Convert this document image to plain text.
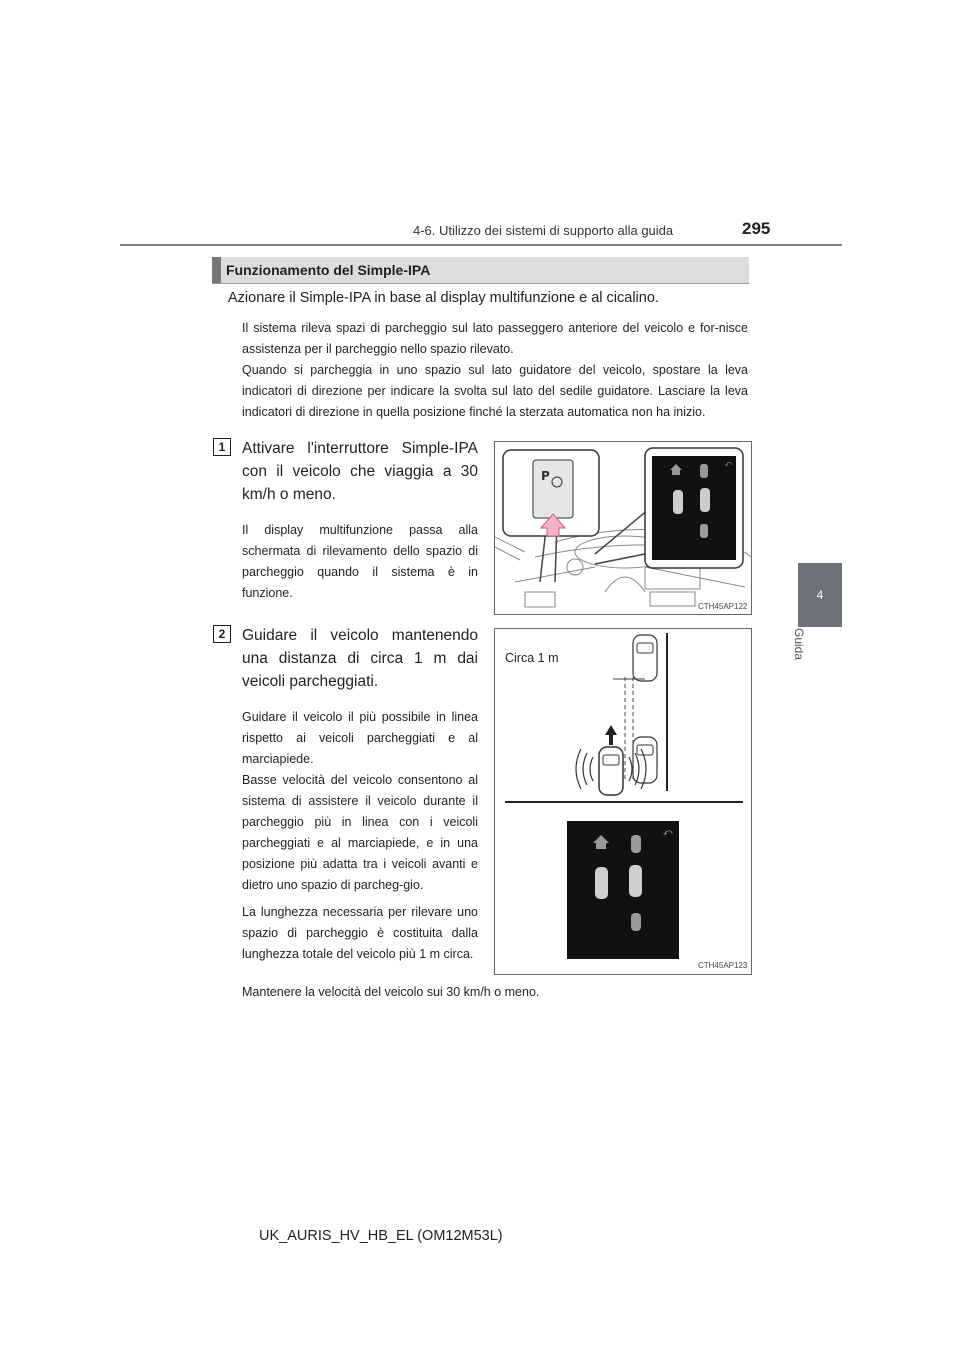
4-6. Utilizzo dei sistemi di supporto alla guida	295
4
Guida
Funzionamento del Simple-IPA

Azionare il Simple-IPA in base al display multifunzione e al cicalino.

Il sistema rileva spazi di parcheggio sul lato passeggero anteriore del veicolo e for-nisce assistenza per il parcheggio nello spazio rilevato.

Quando si parcheggia in uno spazio sul lato guidatore del veicolo, spostare la leva indicatori di direzione per indicare la svolta sul lato del sedile guidatore. Lasciare la leva indicatori di direzione in quella posizione finché la sterzata automatica non ha inizio.

1	Attivare l'interruttore Simple-IPA con il veicolo che viaggia a 30 km/h o meno.

Il display multifunzione passa alla schermata di rilevamento dello spazio di parcheggio quando il sistema è in funzione.

P
⤺
CTH45AP122
2	Guidare il veicolo mantenendo una distanza di circa 1 m dai veicoli parcheggiati.

Guidare il veicolo il più possibile in linea rispetto ai veicoli parcheggiati e al marciapiede.

Basse velocità del veicolo consentono al sistema di assistere il veicolo durante il parcheggio più in linea con i veicoli parcheggiati e al marciapiede, e in una posizione più adatta tra i veicoli avanti e dietro uno spazio di parcheg-gio.

La lunghezza necessaria per rilevare uno spazio di parcheggio è costituita dalla lunghezza totale del veicolo più 1 m circa.

Circa 1 m
⤺
CTH45AP123

Mantenere la velocità del veicolo sui 30 km/h o meno.

UK_AURIS_HV_HB_EL (OM12M53L)
